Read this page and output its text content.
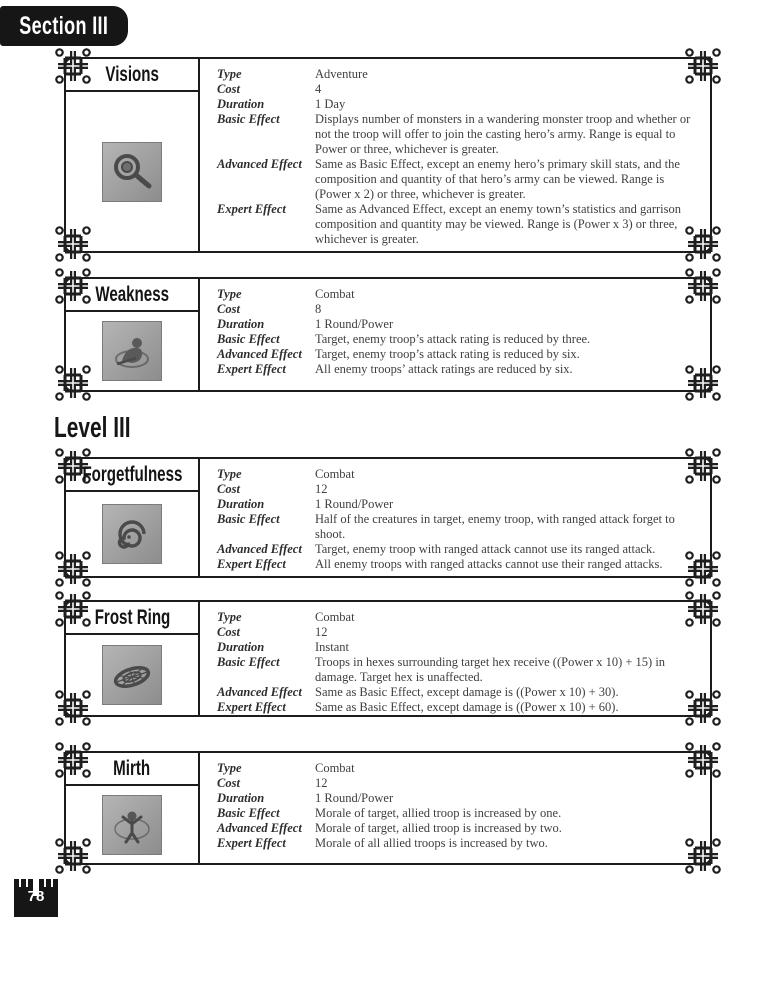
Section III
Visions	Type	Adventure
Cost	4
Duration	1 Day
Basic Effect	Displays number of monsters in a wandering monster troop and whether or not the troop will offer to join the casting hero’s army. Range is equal to Power or three, whichever is greater.
Advanced Effect	Same as Basic Effect, except an enemy hero’s primary skill stats, and the composition and quantity of that hero’s army can be viewed. Range is (Power x 2) or three, whichever is greater.
Expert Effect	Same as Advanced Effect, except an enemy town’s statistics and garrison composition and quantity may be viewed. Range is (Power x 3) or three, whichever is greater.
Weakness	Type	Combat
Cost	8
Duration	1 Round/Power
Basic Effect	Target, enemy troop’s attack rating is reduced by three.
Advanced Effect	Target, enemy troop’s attack rating is reduced by six.
Expert Effect	All enemy troops’ attack ratings are reduced by six.
Level III
Forgetfulness	Type	Combat
Cost	12
Duration	1 Round/Power
Basic Effect	Half of the creatures in target, enemy troop, with ranged attack forget to shoot.
Advanced Effect	Target, enemy troop with ranged attack cannot use its ranged attack.
Expert Effect	All enemy troops with ranged attacks cannot use their ranged attacks.
Frost Ring	Type	Combat
Cost	12
Duration	Instant
Basic Effect	Troops in hexes surrounding target hex receive ((Power x 10) + 15) in damage. Target hex is unaffected.
Advanced Effect	Same as Basic Effect, except damage is ((Power x 10) + 30).
Expert Effect	Same as Basic Effect, except damage is ((Power x 10) + 60).
Mirth	Type	Combat
Cost	12
Duration	1 Round/Power
Basic Effect	Morale of target, allied troop is increased by one.
Advanced Effect	Morale of target, allied troop is increased by two.
Expert Effect	Morale of all allied troops is increased by two.
78
